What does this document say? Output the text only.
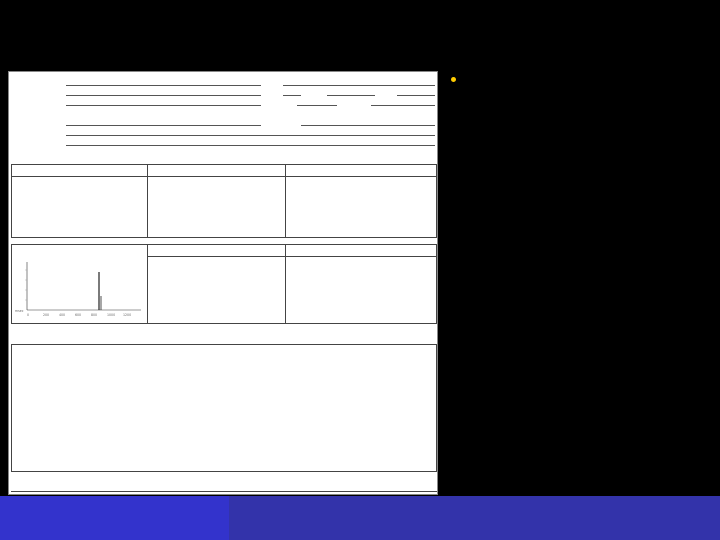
msec
0	200	400	600	800	1000 1200
